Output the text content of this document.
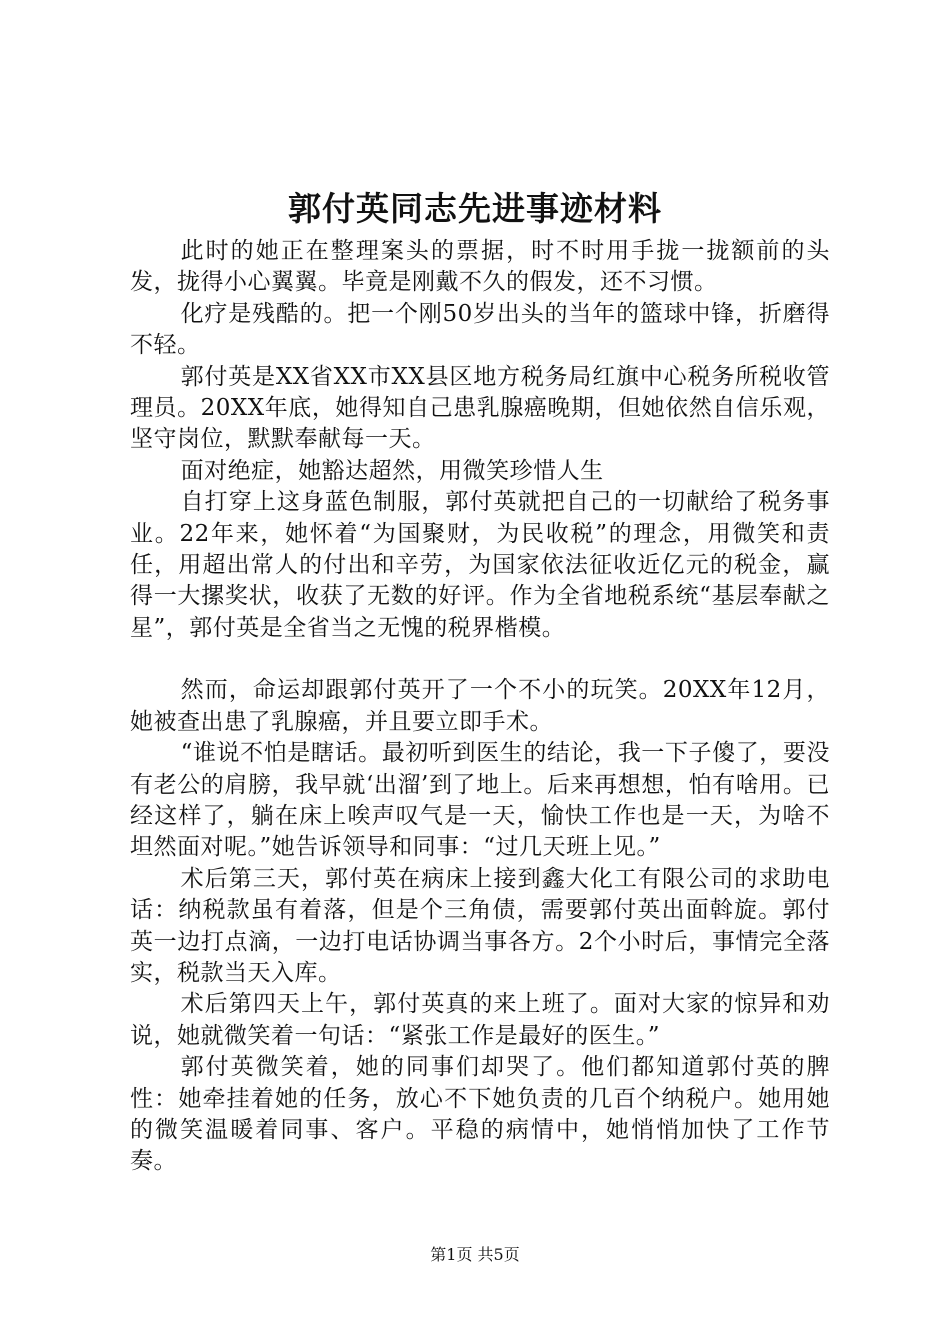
郭付英同志先进事迹材料

此时的她正在整理案头的票据，时不时用手拢一拢额前的头发，拢得小心翼翼。毕竟是刚戴不久的假发，还不习惯。

化疗是残酷的。把一个刚50岁出头的当年的篮球中锋，折磨得不轻。

郭付英是XX省XX市XX县区地方税务局红旗中心税务所税收管理员。20XX年底，她得知自己患乳腺癌晚期，但她依然自信乐观，坚守岗位，默默奉献每一天。

面对绝症，她豁达超然，用微笑珍惜人生

自打穿上这身蓝色制服，郭付英就把自己的一切献给了税务事业。22年来，她怀着“为国聚财，为民收税”的理念，用微笑和责任，用超出常人的付出和辛劳，为国家依法征收近亿元的税金，赢得一大摞奖状，收获了无数的好评。作为全省地税系统“基层奉献之星”，郭付英是全省当之无愧的税界楷模。

然而，命运却跟郭付英开了一个不小的玩笑。20XX年12月，她被查出患了乳腺癌，并且要立即手术。

“谁说不怕是瞎话。最初听到医生的结论，我一下子傻了，要没有老公的肩膀，我早就‘出溜’到了地上。后来再想想，怕有啥用。已经这样了，躺在床上唉声叹气是一天，愉快工作也是一天，为啥不坦然面对呢。”她告诉领导和同事：“过几天班上见。”

术后第三天，郭付英在病床上接到鑫大化工有限公司的求助电话：纳税款虽有着落，但是个三角债，需要郭付英出面斡旋。郭付英一边打点滴，一边打电话协调当事各方。2个小时后，事情完全落实，税款当天入库。

术后第四天上午，郭付英真的来上班了。面对大家的惊异和劝说，她就微笑着一句话：“紧张工作是最好的医生。”

郭付英微笑着，她的同事们却哭了。他们都知道郭付英的脾性：她牵挂着她的任务，放心不下她负责的几百个纳税户。她用她的微笑温暖着同事、客户。平稳的病情中，她悄悄加快了工作节奏。

第1页 共5页
